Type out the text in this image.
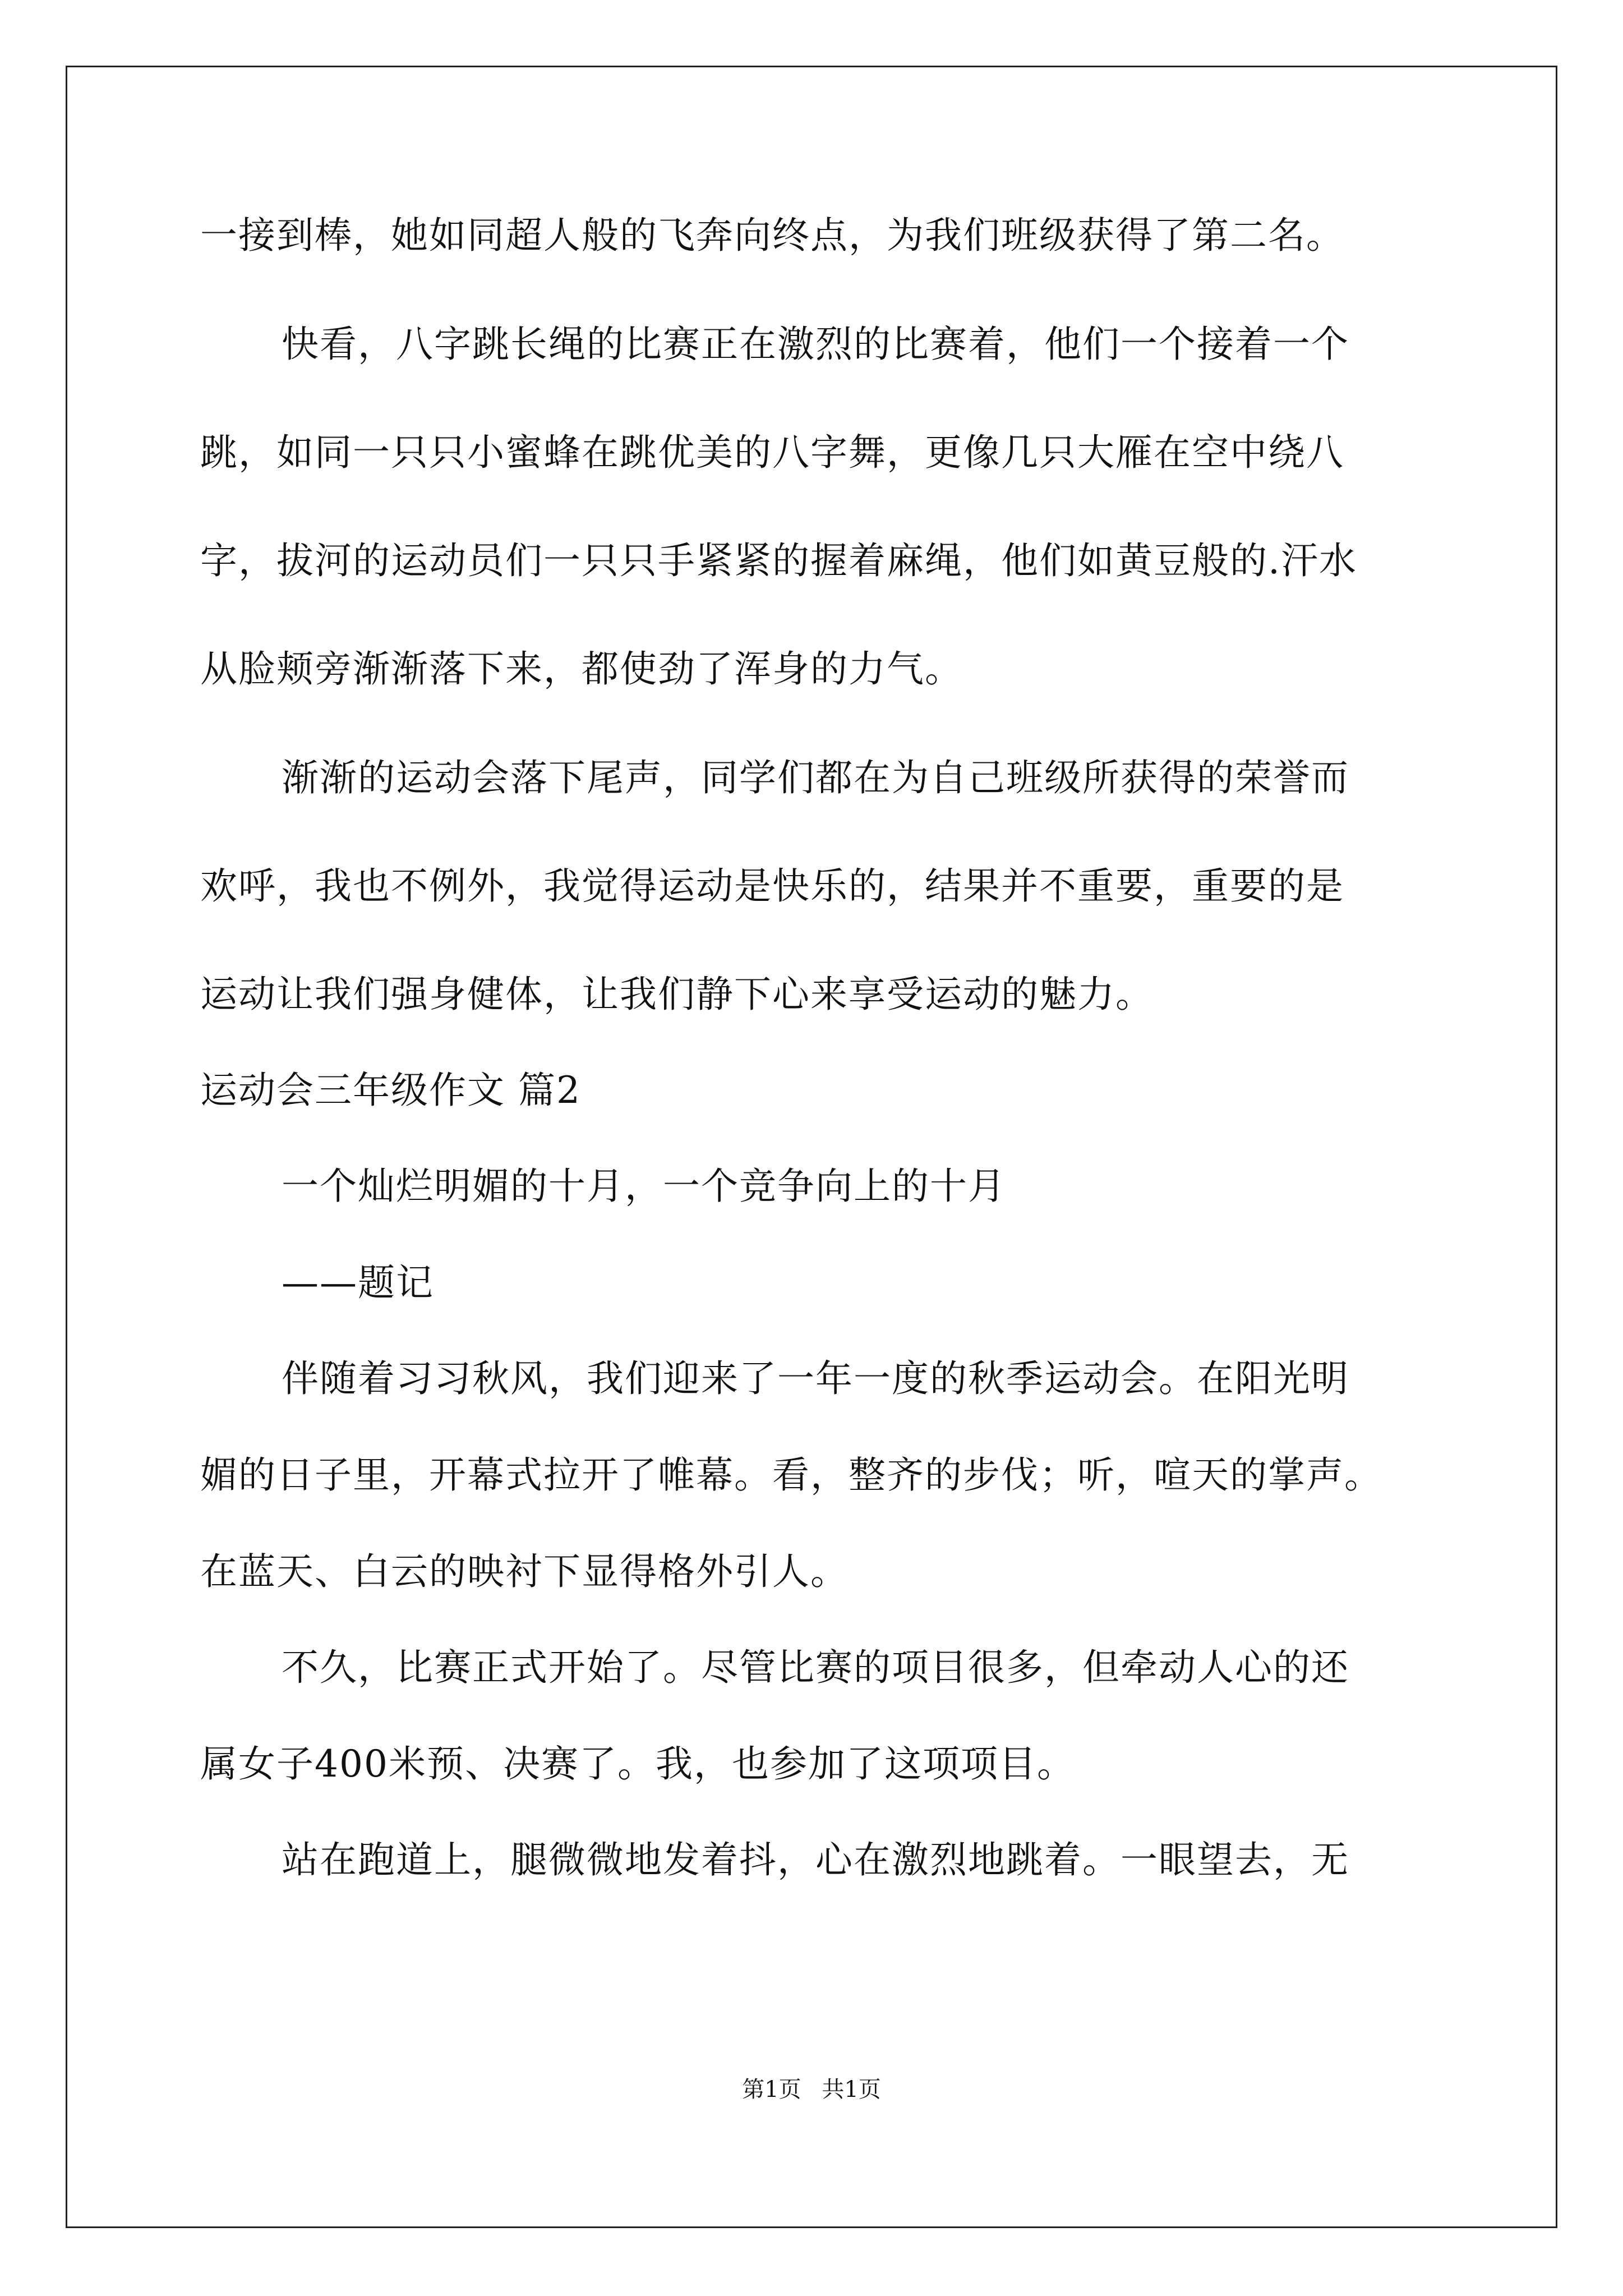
一接到棒，她如同超人般的飞奔向终点，为我们班级获得了第二名。
快看，八字跳长绳的比赛正在激烈的比赛着，他们一个接着一个
跳，如同一只只小蜜蜂在跳优美的八字舞，更像几只大雁在空中绕八
字，拔河的运动员们一只只手紧紧的握着麻绳，他们如黄豆般的.汗水
从脸颊旁渐渐落下来，都使劲了浑身的力气。
渐渐的运动会落下尾声，同学们都在为自己班级所获得的荣誉而
欢呼，我也不例外，我觉得运动是快乐的，结果并不重要，重要的是
运动让我们强身健体，让我们静下心来享受运动的魅力。
运动会三年级作文 篇2
一个灿烂明媚的十月，一个竞争向上的十月
——题记
伴随着习习秋风，我们迎来了一年一度的秋季运动会。在阳光明
媚的日子里，开幕式拉开了帷幕。看，整齐的步伐；听，喧天的掌声。
在蓝天、白云的映衬下显得格外引人。
不久，比赛正式开始了。尽管比赛的项目很多，但牵动人心的还
属女子400米预、决赛了。我，也参加了这项项目。
站在跑道上，腿微微地发着抖，心在激烈地跳着。一眼望去，无
第1页 共1页
